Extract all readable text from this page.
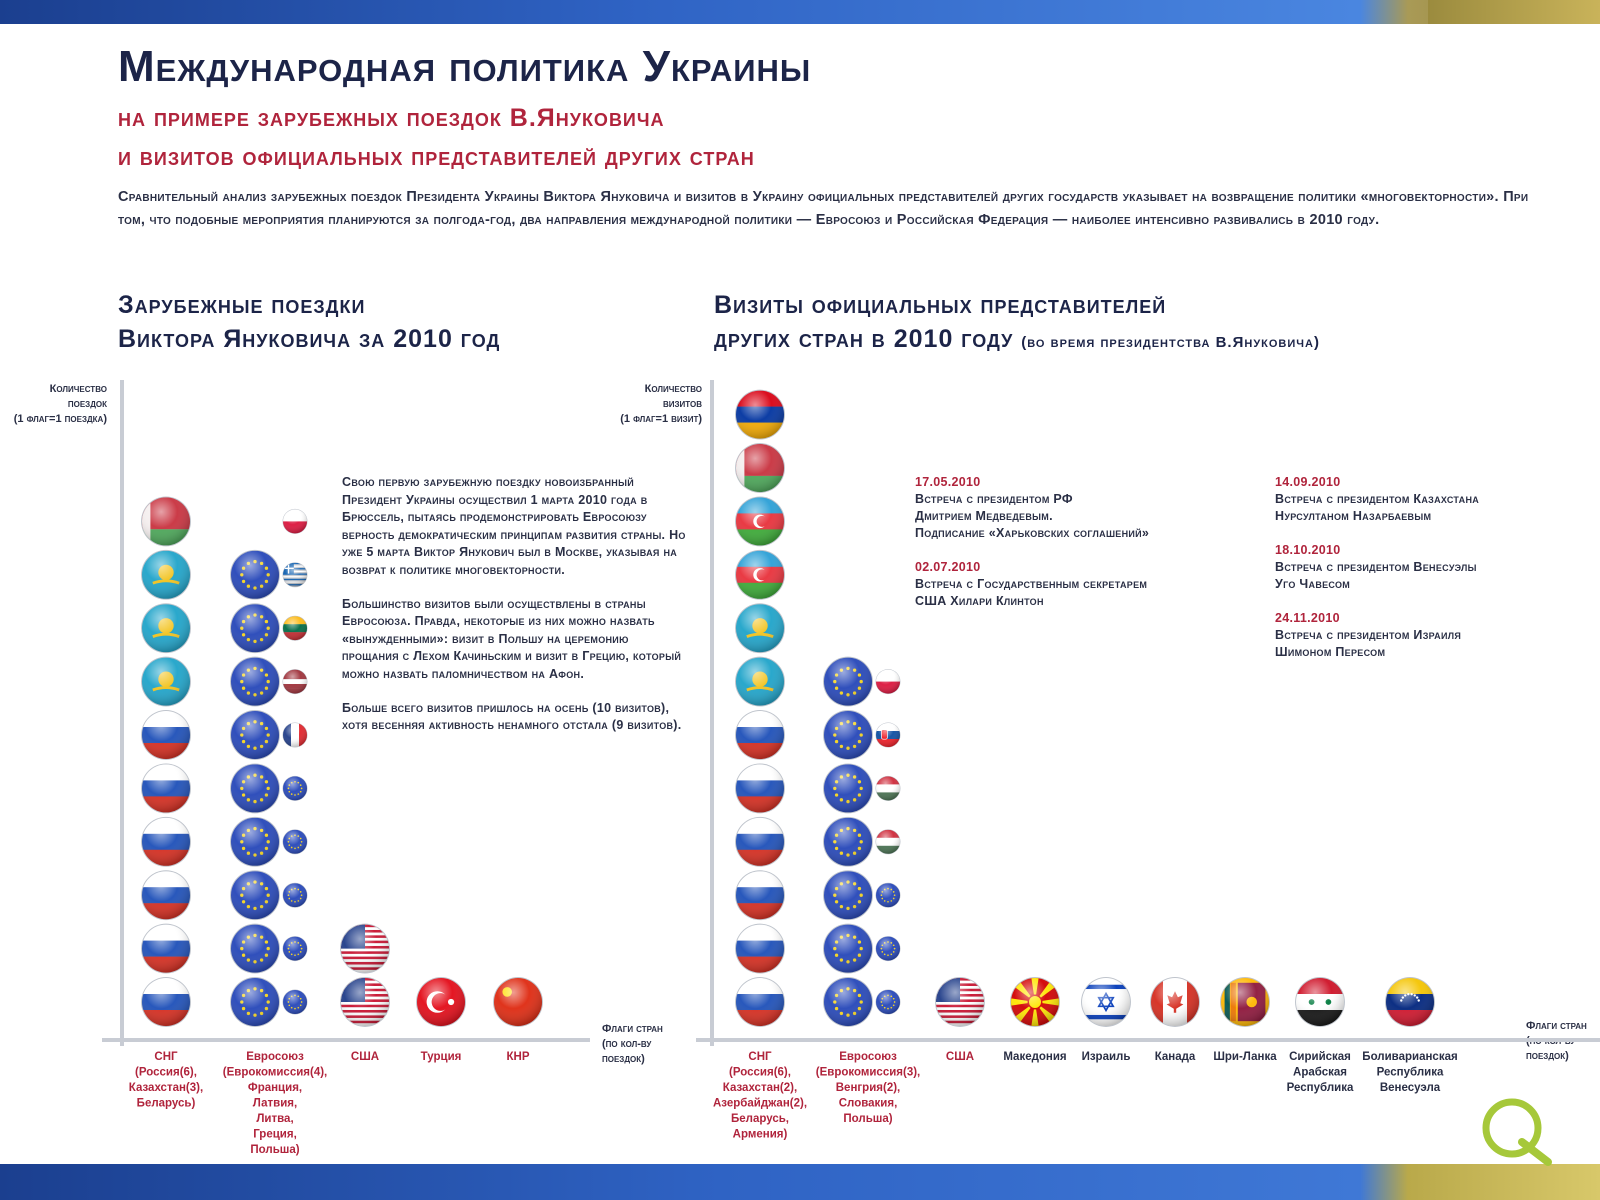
Международная политика Украины
на примере зарубежных поездок В.Януковича
и визитов официальных представителей других стран
Сравнительный анализ зарубежных поездок Президента Украины Виктора Януковича и визитов в Украину официальных представителей других государств указывает на возвращение политики «многовекторности». При том, что подобные мероприятия планируются за полгода-год, два направления международной политики — Евросоюз и Российская Федерация — наиболее интенсивно развивались в 2010 году.
Зарубежные поездки
Виктора Януковича за 2010 год
Визиты официальных представителей
других стран в 2010 году (во время президентства В.Януковича)
Количество
поездок
(1 флаг=1 поездка)
Количество
визитов
(1 флаг=1 визит)
Флаги стран
(по кол-ву
поездок)
Флаги стран
(по кол-ву
поездок)

Свою первую зарубежную поездку новоизбранный Президент Украины осуществил 1 марта 2010 года в Брюссель, пытаясь продемонстрировать Евросоюзу верность демократическим принципам развития страны. Но уже 5 марта Виктор Янукович был в Москве, указывая на возврат к политике многовекторности.

Большинство визитов были осуществлены в страны Евросоюза. Правда, некоторые из них можно назвать «вынужденными»: визит в Польшу на церемонию прощания с Лехом Качиньским и визит в Грецию, который можно назвать паломничеством на Афон.

Больше всего визитов пришлось на осень (10 визитов), хотя весенняя активность ненамного отстала (9 визитов).

17.05.2010
Встреча с президентом РФ
Дмитрием Медведевым.
Подписание «Харьковских соглашений»
02.07.2010
Встреча с Государственным секретарем
США Хилари Клинтон
14.09.2010
Встреча с президентом Казахстана
Нурсултаном Назарбаевым
18.10.2010
Встреча с президентом Венесуэлы
Уго Чавесом
24.11.2010
Встреча с президентом Израиля
Шимоном Пересом
СНГ
(Россия(6),
Казахстан(3),
Беларусь)
Евросоюз
(Еврокомиссия(4),
Франция,
Латвия,
Литва,
Греция,
Польша)
США	Турция	КНР	СНГ
(Россия(6),
Казахстан(2),
Азербайджан(2),
Беларусь,
Армения)
Евросоюз
(Еврокомиссия(3),
Венгрия(2),
Словакия,
Польша)
США	Македония Израиль Канада Шри-Ланка Сирийская
Арабская
Республика
Боливарианская
Республика
Венесуэла
